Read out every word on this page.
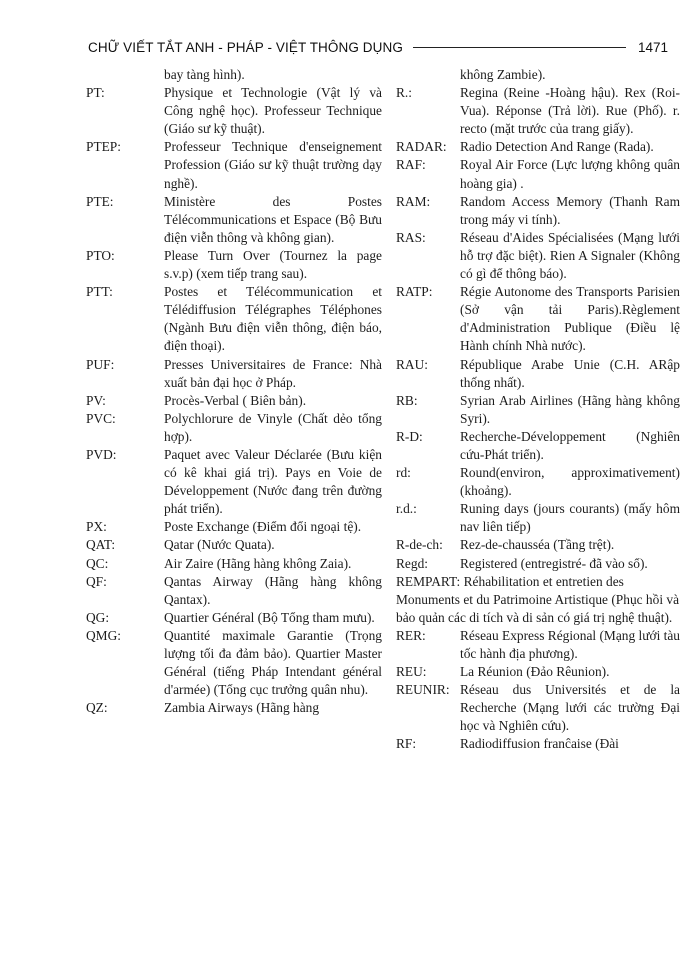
CHỮ VIẾT TẮT ANH - PHÁP - VIỆT THÔNG DỤNG	1471
bay tàng hình).
PT:	Physique et Technologie (Vật lý và Công nghệ học). Professeur Technique (Giáo sư kỹ thuật).
PTEP:	Professeur Technique d'enseignement Profession (Giáo sư kỹ thuật trường dạy nghề).
PTE:	Ministère des Postes Télécommunications et Espace (Bộ Bưu điện viễn thông và không gian).
PTO:	Please Turn Over (Tournez la page s.v.p) (xem tiếp trang sau).
PTT:	Postes et Télécommunication et Télédiffusion Télégraphes Téléphones (Ngành Bưu điện viễn thông, điện báo, điện thoại).
PUF:	Presses Universitaires de France: Nhà xuất bản đại học ở Pháp.
PV:	Procès-Verbal ( Biên bản).
PVC:	Polychlorure de Vinyle (Chất dẻo tổng hợp).
PVD:	Paquet avec Valeur Déclarée (Bưu kiện có kê khai giá trị). Pays en Voie de Développement (Nước đang trên đường phát triển).
PX:	Poste Exchange (Điểm đổi ngoại tệ).
QAT:	Qatar (Nước Quata).
QC:	Air Zaire (Hãng hàng không Zaia).
QF:	Qantas Airway (Hãng hàng không Qantax).
QG:	Quartier Général (Bộ Tổng tham mưu).
QMG:	Quantité maximale Garantie (Trọng lượng tối đa đảm bảo). Quartier Master Général (tiếng Pháp Intendant général d'armée) (Tổng cục trưởng quân nhu).
QZ:	Zambia Airways (Hãng hàng
không Zambie).
R.:	Regina (Reine -Hoàng hậu). Rex (Roi- Vua). Réponse (Trả lời). Rue (Phố). r. recto (mặt trước của trang giấy).
RADAR: Radio Detection And Range (Rada).
RAF:	Royal Air Force (Lực lượng không quân hoàng gia) .
RAM:	Random Access Memory (Thanh Ram trong máy vi tính).
RAS:	Réseau d'Aides Spécialisées (Mạng lưới hỗ trợ đặc biệt). Rien A Signaler (Không có gì để thông báo).
RATP:	Régie Autonome des Transports Parisien (Sở vận tải Paris).Règlement d'Administration Publique (Điều lệ Hành chính Nhà nước).
RAU:	République Arabe Unie (C.H. ARập thống nhất).
RB:	Syrian Arab Airlines (Hãng hàng không Syri).
R-D:	Recherche-Développement (Nghiên cứu-Phát triển).
rd:	Round(environ, approximativement) (khoảng).
r.d.:	Runing days (jours courants) (mấy hôm nav liên tiếp)
R-de-ch:	Rez-de-chausséa (Tầng trệt).
Regd:	Registered (entregistré- đã vào sổ).
REMPART: Réhabilitation et entretien des Monuments et du Patrimoine Artistique (Phục hồi và bảo quản các di tích và di sản có giá trị nghệ thuật).
RER:	Réseau Express Régional (Mạng lưới tàu tốc hành địa phương).
REU:	La Réunion (Đảo Rêunion).
REUNIR: Réseau dus Universités et de la Recherche (Mạng lưới các trường Đại học và Nghiên cứu).
RF:	Radiodiffusion franĉaise (Đài
